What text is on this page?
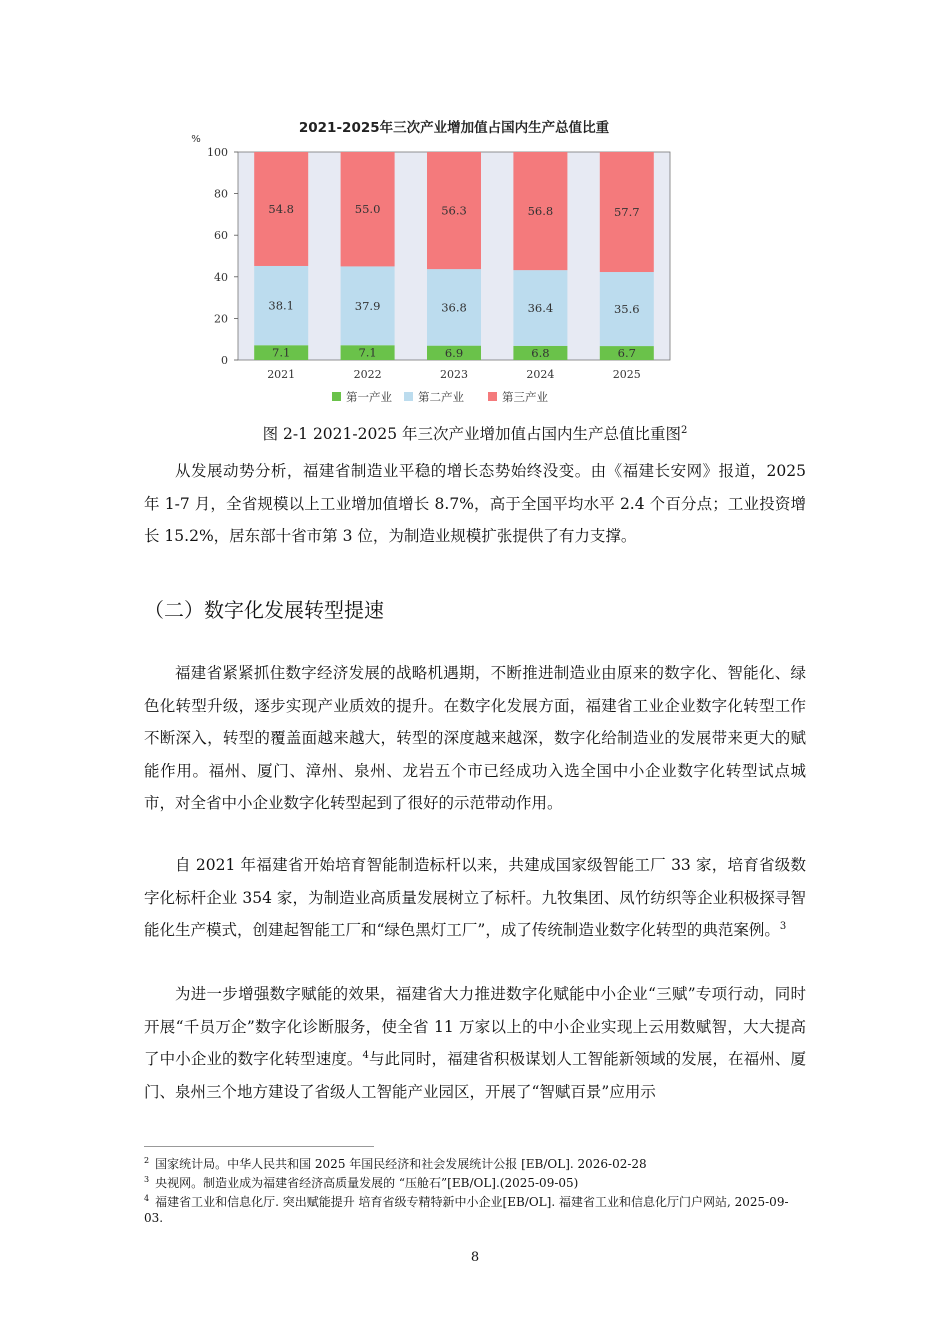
2021-2025年三次产业增加值占国内生产总值比重
%
0
20
40
60
80
100
7.1
38.1
54.8
2021
7.1
37.9
55.0
2022
6.9
36.8
56.3
2023
6.8
36.4
56.8
2024
6.7
35.6
57.7
2025
第一产业 第二产业	第三产业
图 2-1 2021-2025 年三次产业增加值占国内生产总值比重图$^2$

从发展动势分析，福建省制造业平稳的增长态势始终没变。由《福建长安网》报道，2025 年 1-7 月，全省规模以上工业增加值增长 8.7%，高于全国平均水平 2.4 个百分点；工业投资增长 15.2%，居东部十省市第 3 位，为制造业规模扩张提供了有力支撑。

（二）数字化发展转型提速

福建省紧紧抓住数字经济发展的战略机遇期，不断推进制造业由原来的数字化、智能化、绿色化转型升级，逐步实现产业质效的提升。在数字化发展方面，福建省工业企业数字化转型工作不断深入，转型的覆盖面越来越大，转型的深度越来越深，数字化给制造业的发展带来更大的赋能作用。福州、厦门、漳州、泉州、龙岩五个市已经成功入选全国中小企业数字化转型试点城市，对全省中小企业数字化转型起到了很好的示范带动作用。

自 2021 年福建省开始培育智能制造标杆以来，共建成国家级智能工厂 33 家，培育省级数字化标杆企业 354 家，为制造业高质量发展树立了标杆。九牧集团、凤竹纺织等企业积极探寻智能化生产模式，创建起智能工厂和“绿色黑灯工厂”，成了传统制造业数字化转型的典范案例。$^3$

为进一步增强数字赋能的效果，福建省大力推进数字化赋能中小企业“三赋”专项行动，同时开展“千员万企”数字化诊断服务，使全省 11 万家以上的中小企业实现上云用数赋智，大大提高了中小企业的数字化转型速度。$^4$与此同时，福建省积极谋划人工智能新领域的发展，在福州、厦门、泉州三个地方建设了省级人工智能产业园区，开展了“智赋百景”应用示

$^2$ 国家统计局。中华人民共和国 2025 年国民经济和社会发展统计公报 [EB/OL]. 2026-02-28
$^3$ 央视网。制造业成为福建省经济高质量发展的 “压舱石”[EB/OL].(2025-09-05)
$^4$ 福建省工业和信息化厅. 突出赋能提升 培育省级专精特新中小企业[EB/OL]. 福建省工业和信息化厅门户网站, 2025-09-03.
8
